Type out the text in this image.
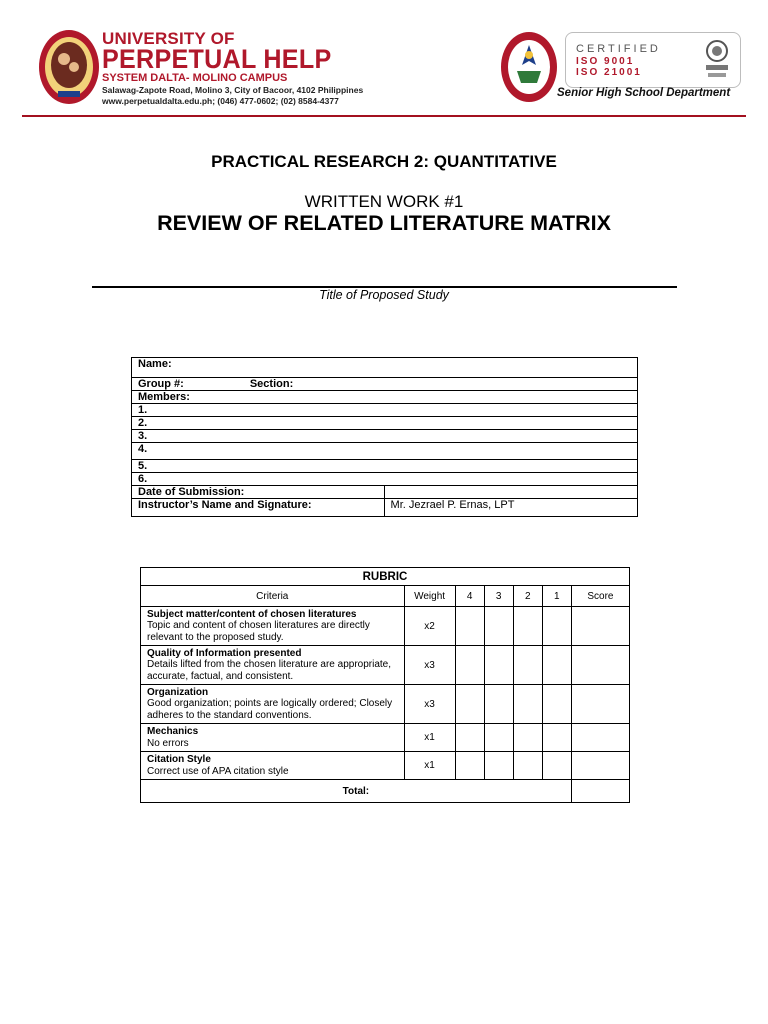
UNIVERSITY OF
PERPETUAL HELP
SYSTEM DALTA- MOLINO CAMPUS
Salawag-Zapote Road, Molino 3, City of Bacoor, 4102 Philippines
www.perpetualdalta.edu.ph; (046) 477-0602; (02) 8584-4377
CERTIFIED
ISO 9001
ISO 21001
Senior High School Department
PRACTICAL RESEARCH 2: QUANTITATIVE
WRITTEN WORK #1
REVIEW OF RELATED LITERATURE MATRIX
Title of Proposed Study
Name:	
Group #: Section:	
Members:	
1.	
2.	
3.	
4.	
5.	
6.	
Date of Submission:	
Instructor’s Name and Signature:	Mr. Jezrael P. Ernas, LPT
RUBRIC						
Criteria	Weight	4	3	2	1	Score

Subject matter/content of chosen literatures
Topic and content of chosen literatures are directly relevant to the proposed study.	x2					

Quality of Information presented
Details lifted from the chosen literature are appropriate, accurate, factual, and consistent.	x3					

Organization
Good organization; points are logically ordered; Closely adheres to the standard conventions.	x3					

Mechanics
No errors	x1					

Citation Style
Correct use of APA citation style	x1					
Total:						
